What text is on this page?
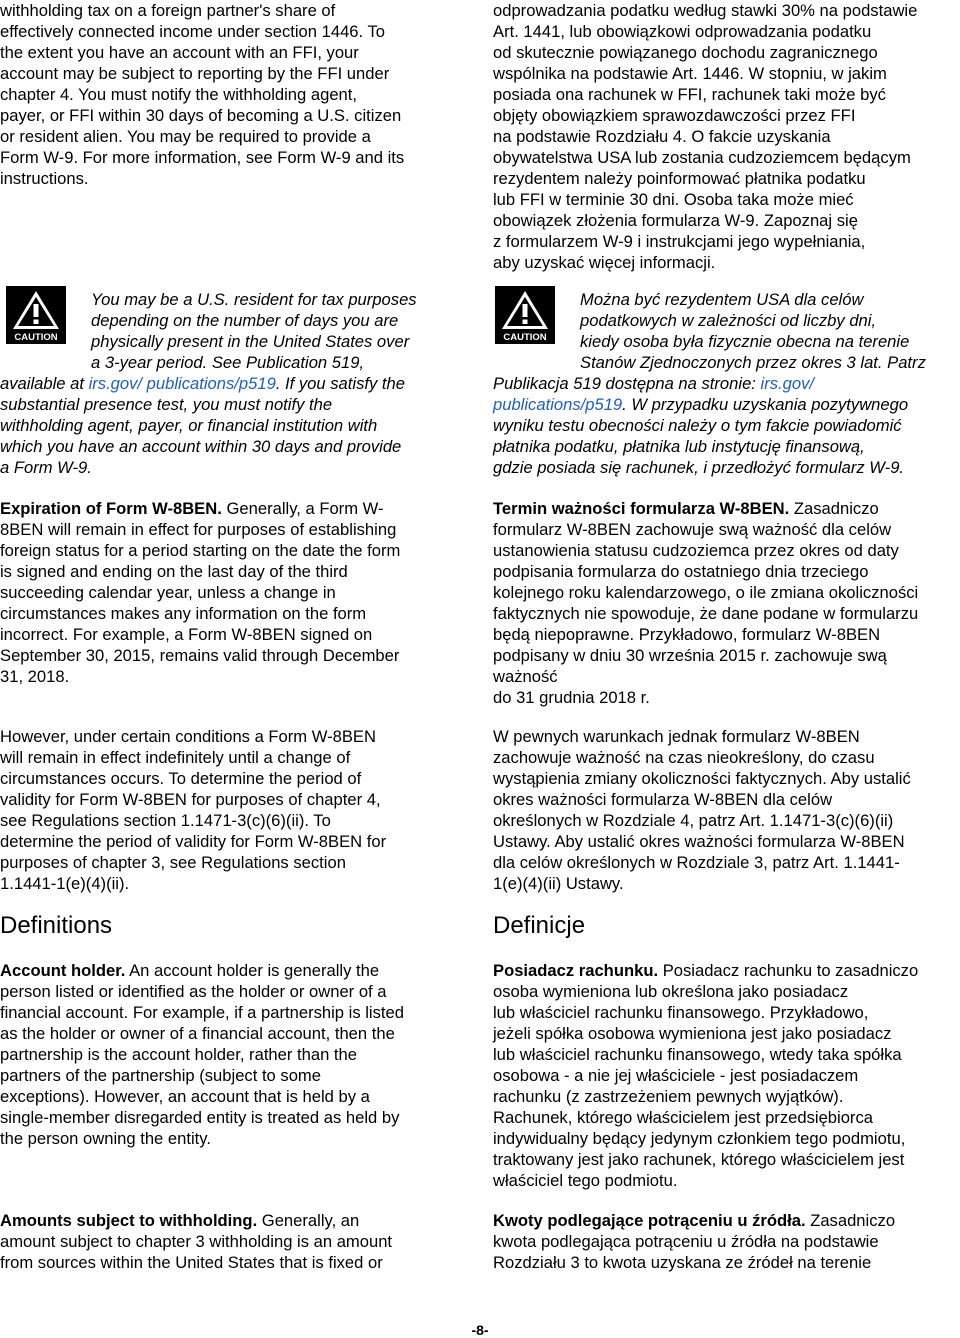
withholding tax on a foreign partner's share of
effectively connected income under section 1446. To
the extent you have an account with an FFI, your
account may be subject to reporting by the FFI under
chapter 4. You must notify the withholding agent,
payer, or FFI within 30 days of becoming a U.S. citizen
or resident alien. You may be required to provide a
Form W-9. For more information, see Form W-9 and its
instructions.

CAUTION

You may be a U.S. resident for tax purposes
depending on the number of days you are
physically present in the United States over
a 3-year period. See Publication 519,

available at irs.gov/ publications/p519. If you satisfy the
substantial presence test, you must notify the
withholding agent, payer, or financial institution with
which you have an account within 30 days and provide
a Form W-9.

Expiration of Form W-8BEN. Generally, a Form W-
8BEN will remain in effect for purposes of establishing
foreign status for a period starting on the date the form
is signed and ending on the last day of the third
succeeding calendar year, unless a change in
circumstances makes any information on the form
incorrect. For example, a Form W-8BEN signed on
September 30, 2015, remains valid through December
31, 2018.

However, under certain conditions a Form W-8BEN
will remain in effect indefinitely until a change of
circumstances occurs. To determine the period of
validity for Form W-8BEN for purposes of chapter 4,
see Regulations section 1.1471-3(c)(6)(ii). To
determine the period of validity for Form W-8BEN for
purposes of chapter 3, see Regulations section
1.1441-1(e)(4)(ii).

Definitions

Account holder. An account holder is generally the
person listed or identified as the holder or owner of a
financial account. For example, if a partnership is listed
as the holder or owner of a financial account, then the
partnership is the account holder, rather than the
partners of the partnership (subject to some
exceptions). However, an account that is held by a
single-member disregarded entity is treated as held by
the person owning the entity.

Amounts subject to withholding. Generally, an
amount subject to chapter 3 withholding is an amount
from sources within the United States that is fixed or

odprowadzania podatku według stawki 30% na podstawie
Art. 1441, lub obowiązkowi odprowadzania podatku
od skutecznie powiązanego dochodu zagranicznego
wspólnika na podstawie Art. 1446. W stopniu, w jakim
posiada ona rachunek w FFI, rachunek taki może być
objęty obowiązkiem sprawozdawczości przez FFI
na podstawie Rozdziału 4. O fakcie uzyskania
obywatelstwa USA lub zostania cudzoziemcem będącym
rezydentem należy poinformować płatnika podatku
lub FFI w terminie 30 dni. Osoba taka może mieć
obowiązek złożenia formularza W-9. Zapoznaj się
z formularzem W-9 i instrukcjami jego wypełniania,
aby uzyskać więcej informacji.

CAUTION

Można być rezydentem USA dla celów
podatkowych w zależności od liczby dni,
kiedy osoba była fizycznie obecna na terenie
Stanów Zjednoczonych przez okres 3 lat. Patrz

Publikacja 519 dostępna na stronie: irs.gov/
publications/p519. W przypadku uzyskania pozytywnego
wyniku testu obecności należy o tym fakcie powiadomić
płatnika podatku, płatnika lub instytucję finansową,
gdzie posiada się rachunek, i przedłożyć formularz W-9.

Termin ważności formularza W-8BEN. Zasadniczo
formularz W-8BEN zachowuje swą ważność dla celów
ustanowienia statusu cudzoziemca przez okres od daty
podpisania formularza do ostatniego dnia trzeciego
kolejnego roku kalendarzowego, o ile zmiana okoliczności
faktycznych nie spowoduje, że dane podane w formularzu
będą niepoprawne. Przykładowo, formularz W-8BEN
podpisany w dniu 30 września 2015 r. zachowuje swą
ważność
do 31 grudnia 2018 r.

W pewnych warunkach jednak formularz W-8BEN
zachowuje ważność na czas nieokreślony, do czasu
wystąpienia zmiany okoliczności faktycznych. Aby ustalić
okres ważności formularza W-8BEN dla celów
określonych w Rozdziale 4, patrz Art. 1.1471-3(c)(6)(ii)
Ustawy. Aby ustalić okres ważności formularza W-8BEN
dla celów określonych w Rozdziale 3, patrz Art. 1.1441-
1(e)(4)(ii) Ustawy.

Definicje

Posiadacz rachunku. Posiadacz rachunku to zasadniczo
osoba wymieniona lub określona jako posiadacz
lub właściciel rachunku finansowego. Przykładowo,
jeżeli spółka osobowa wymieniona jest jako posiadacz
lub właściciel rachunku finansowego, wtedy taka spółka
osobowa - a nie jej właściciele - jest posiadaczem
rachunku (z zastrzeżeniem pewnych wyjątków).
Rachunek, którego właścicielem jest przedsiębiorca
indywidualny będący jedynym członkiem tego podmiotu,
traktowany jest jako rachunek, którego właścicielem jest
właściciel tego podmiotu.

Kwoty podlegające potrąceniu u źródła. Zasadniczo
kwota podlegająca potrąceniu u źródła na podstawie
Rozdziału 3 to kwota uzyskana ze źródeł na terenie

-8-
